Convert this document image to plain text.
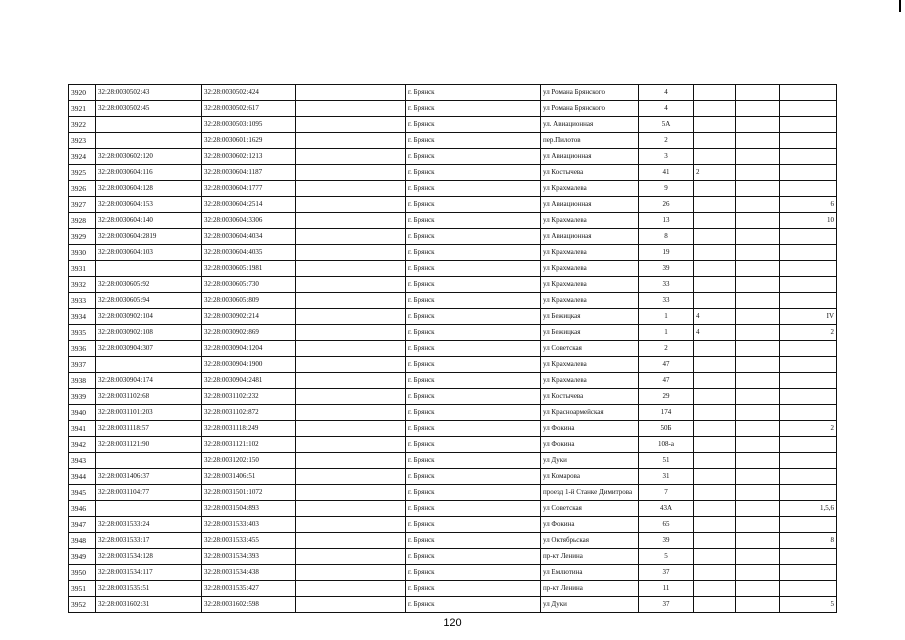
3920	32:28:0030502:43	32:28:0030502:424		г. Брянск	ул Романа Брянского	4			
3921	32:28:0030502:45	32:28:0030502:617		г. Брянск	ул Романа Брянского	4			
3922		32:28:0030503:1095		г. Брянск	ул. Авиационная	5А			
3923		32:28:0030601:1629		г. Брянск	пер.Пилотов	2			
3924	32:28:0030602:120	32:28:0030602:1213		г. Брянск	ул Авиационная	3			
3925	32:28:0030604:116	32:28:0030604:1187		г. Брянск	ул Костычева	41	2		
3926	32:28:0030604:128	32:28:0030604:1777		г. Брянск	ул Крахмалева	9			
3927	32:28:0030604:153	32:28:0030604:2514		г. Брянск	ул Авиационная	26			6
3928	32:28:0030604:140	32:28:0030604:3306		г. Брянск	ул Крахмалева	13			10
3929	32:28:0030604:2819	32:28:0030604:4034		г. Брянск	ул Авиационная	8			
3930	32:28:0030604:103	32:28:0030604:4035		г. Брянск	ул Крахмалева	19			
3931		32:28:0030605:1981		г. Брянск	ул Крахмалева	39			
3932	32:28:0030605:92	32:28:0030605:730		г. Брянск	ул Крахмалева	33			
3933	32:28:0030605:94	32:28:0030605:809		г. Брянск	ул Крахмалева	33			
3934	32:28:0030902:104	32:28:0030902:214		г. Брянск	ул Бежицкая	1	4		IV
3935	32:28:0030902:108	32:28:0030902:869		г. Брянск	ул Бежицкая	1	4		2
3936	32:28:0030904:307	32:28:0030904:1204		г. Брянск	ул Советская	2			
3937		32:28:0030904:1900		г. Брянск	ул Крахмалева	47			
3938	32:28:0030904:174	32:28:0030904:2481		г. Брянск	ул Крахмалева	47			
3939	32:28:0031102:68	32:28:0031102:232		г. Брянск	ул Костычева	29			
3940	32:28:0031101:203	32:28:0031102:872		г. Брянск	ул Красноармейская	174			
3941	32:28:0031118:57	32:28:0031118:249		г. Брянск	ул Фокина	50Б			2
3942	32:28:0031121:90	32:28:0031121:102		г. Брянск	ул Фокина	108-а			
3943		32:28:0031202:150		г. Брянск	ул Дуки	51			
3944	32:28:0031406:37	32:28:0031406:51		г. Брянск	ул Комарова	31			
3945	32:28:0031104:77	32:28:0031501:1072		г. Брянск	проезд 1-й Станке Димитрова	7			
3946		32:28:0031504:893		г. Брянск	ул Советская	43А			1,5,6
3947	32:28:0031533:24	32:28:0031533:403		г. Брянск	ул Фокина	65			
3948	32:28:0031533:17	32:28:0031533:455		г. Брянск	ул Октябрьская	39			8
3949	32:28:0031534:128	32:28:0031534:393		г. Брянск	пр-кт Ленина	5			
3950	32:28:0031534:117	32:28:0031534:438		г. Брянск	ул Емлютина	37			
3951	32:28:0031535:51	32:28:0031535:427		г. Брянск	пр-кт Ленина	11			
3952	32:28:0031602:31	32:28:0031602:598		г. Брянск	ул Дуки	37			5
120
